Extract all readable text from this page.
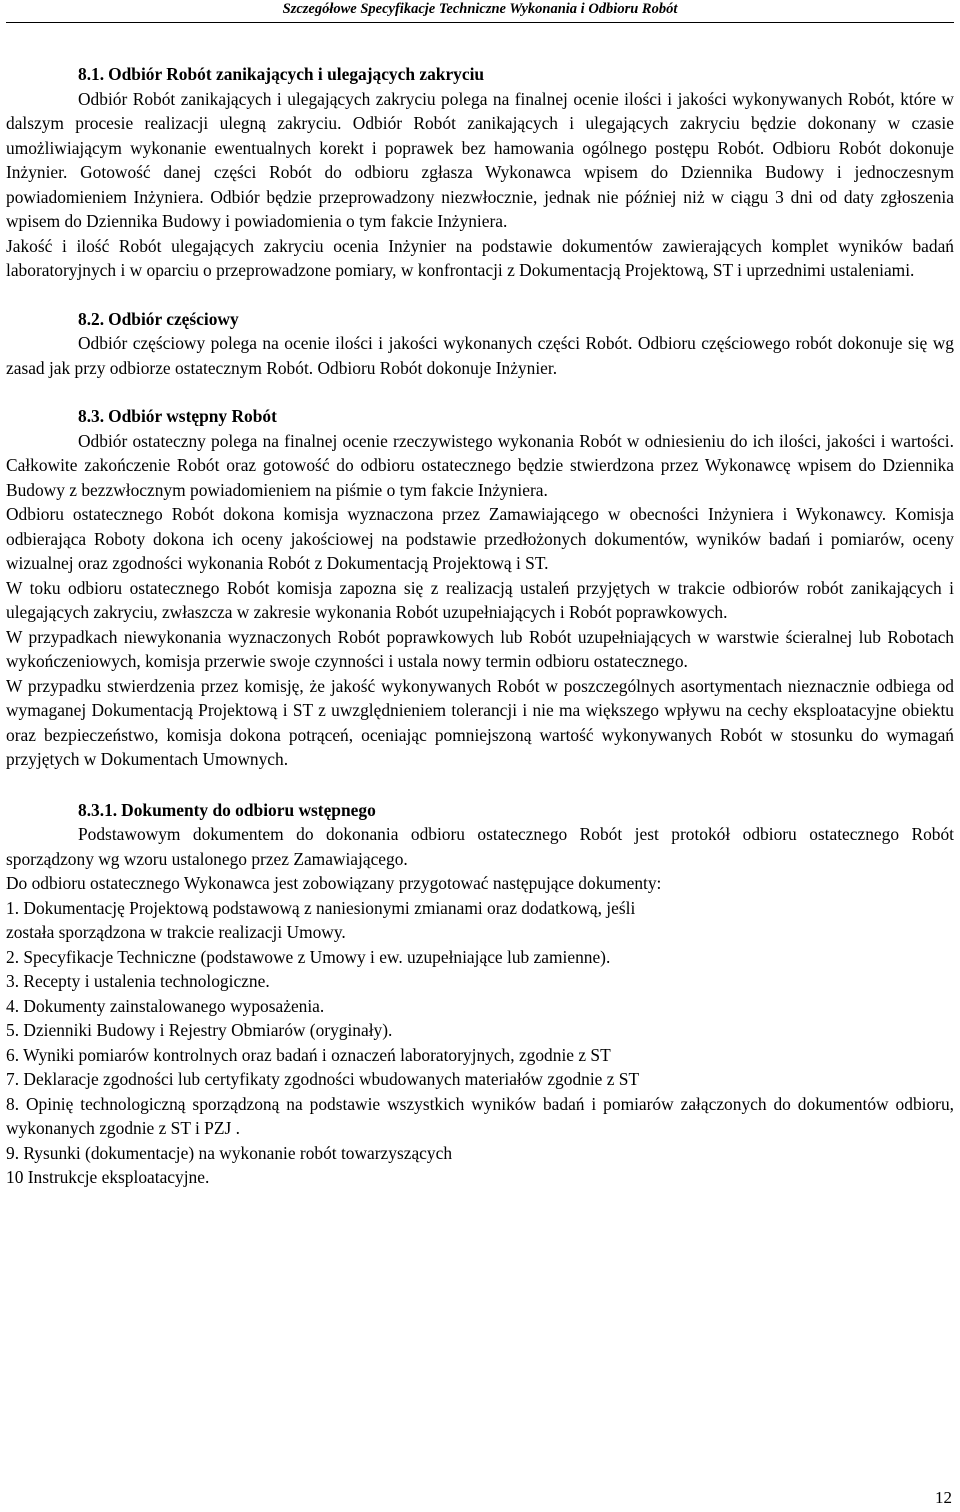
Szczegółowe Specyfikacje Techniczne Wykonania i Odbioru Robót

8.1. Odbiór Robót zanikających i ulegających zakryciu

Odbiór Robót zanikających i ulegających zakryciu polega na finalnej ocenie ilości i jakości wykonywanych Robót, które w dalszym procesie realizacji ulegną zakryciu. Odbiór Robót zanikających i ulegających zakryciu będzie dokonany w czasie umożliwiającym wykonanie ewentualnych korekt i poprawek bez hamowania ogólnego postępu Robót. Odbioru Robót dokonuje Inżynier. Gotowość danej części Robót do odbioru zgłasza Wykonawca wpisem do Dziennika Budowy i jednoczesnym powiadomieniem Inżyniera. Odbiór będzie przeprowadzony niezwłocznie, jednak nie później niż w ciągu 3 dni od daty zgłoszenia wpisem do Dziennika Budowy i powiadomienia o tym fakcie Inżyniera.

Jakość i ilość Robót ulegających zakryciu ocenia Inżynier na podstawie dokumentów zawierających komplet wyników badań laboratoryjnych i w oparciu o przeprowadzone pomiary, w konfrontacji z Dokumentacją Projektową, ST i uprzednimi ustaleniami.

8.2. Odbiór częściowy

Odbiór częściowy polega na ocenie ilości i jakości wykonanych części Robót. Odbioru częściowego robót dokonuje się wg zasad jak przy odbiorze ostatecznym Robót. Odbioru Robót dokonuje Inżynier.

8.3. Odbiór wstępny Robót

Odbiór ostateczny polega na finalnej ocenie rzeczywistego wykonania Robót w odniesieniu do ich ilości, jakości i wartości. Całkowite zakończenie Robót oraz gotowość do odbioru ostatecznego będzie stwierdzona przez Wykonawcę wpisem do Dziennika Budowy z bezzwłocznym powiadomieniem na piśmie o tym fakcie Inżyniera.

Odbioru ostatecznego Robót dokona komisja wyznaczona przez Zamawiającego w obecności Inżyniera i Wykonawcy. Komisja odbierająca Roboty dokona ich oceny jakościowej na podstawie przedłożonych dokumentów, wyników badań i pomiarów, oceny wizualnej oraz zgodności wykonania Robót z Dokumentacją Projektową i ST.

W toku odbioru ostatecznego Robót komisja zapozna się z realizacją ustaleń przyjętych w trakcie odbiorów robót zanikających i ulegających zakryciu, zwłaszcza w zakresie wykonania Robót uzupełniających i Robót poprawkowych.

W przypadkach niewykonania wyznaczonych Robót poprawkowych lub Robót uzupełniających w warstwie ścieralnej lub Robotach wykończeniowych, komisja przerwie swoje czynności i ustala nowy termin odbioru ostatecznego.

W przypadku stwierdzenia przez komisję, że jakość wykonywanych Robót w poszczególnych asortymentach nieznacznie odbiega od wymaganej Dokumentacją Projektową i ST z uwzględnieniem tolerancji i nie ma większego wpływu na cechy eksploatacyjne obiektu oraz bezpieczeństwo, komisja dokona potrąceń, oceniając pomniejszoną wartość wykonywanych Robót w stosunku do wymagań przyjętych w Dokumentach Umownych.

8.3.1. Dokumenty do odbioru wstępnego

Podstawowym dokumentem do dokonania odbioru ostatecznego Robót jest protokół odbioru ostatecznego Robót sporządzony wg wzoru ustalonego przez Zamawiającego.

Do odbioru ostatecznego Wykonawca jest zobowiązany przygotować następujące dokumenty:

1. Dokumentację Projektową podstawową z naniesionymi zmianami oraz dodatkową, jeśli
została sporządzona w trakcie realizacji Umowy.

2. Specyfikacje Techniczne (podstawowe z Umowy i ew. uzupełniające lub zamienne).

3. Recepty i ustalenia technologiczne.

4. Dokumenty zainstalowanego wyposażenia.

5. Dzienniki Budowy i Rejestry Obmiarów (oryginały).

6. Wyniki pomiarów kontrolnych oraz badań i oznaczeń laboratoryjnych, zgodnie z ST

7. Deklaracje zgodności lub certyfikaty zgodności wbudowanych materiałów zgodnie z ST

8. Opinię technologiczną sporządzoną na podstawie wszystkich wyników badań i pomiarów załączonych do dokumentów odbioru, wykonanych zgodnie z ST i PZJ .

9. Rysunki (dokumentacje) na wykonanie robót towarzyszących

10 Instrukcje eksploatacyjne.

12
